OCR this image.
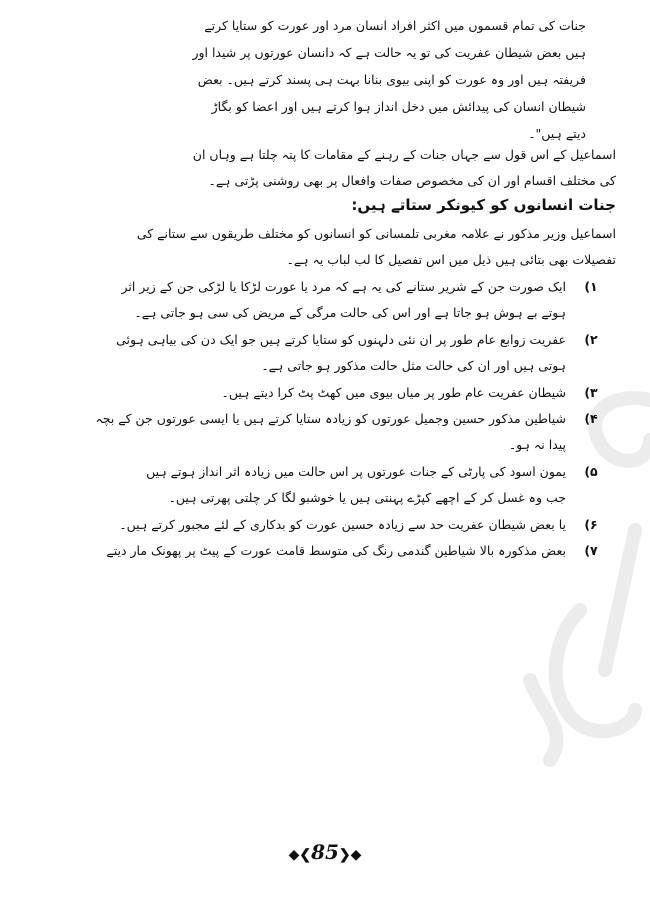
جنات کی تمام قسموں میں اکثر افراد انسان مرد اور عورت کو ستایا کرتے
ہیں بعض شیطان عفریت کی تو یہ حالت ہے کہ دانسان عورتوں پر شیدا اور
فریفتہ ہیں اور وہ عورت کو اپنی بیوی بنانا بہت ہی پسند کرتے ہیں۔ بعض
شیطان انسان کی پیدائش میں دخل انداز ہوا کرتے ہیں اور اعضا کو بگاڑ
دیتے ہیں"۔
اسماعیل کے اس قول سے جہاں جنات کے رہنے کے مقامات کا پتہ چلتا ہے وہاں ان
کی مختلف اقسام اور ان کی مخصوص صفات وافعال پر بھی روشنی پڑتی ہے۔
جنات انسانوں کو کیونکر ستاتے ہیں:
اسماعیل وزیر مذکور نے علامہ مغربی تلمسانی کو انسانوں کو مختلف طریقوں سے ستانے کی
تفصیلات بھی بتائی ہیں ذیل میں اس تفصیل کا لب لباب یہ ہے۔
۱)
ایک صورت جن کے شریر ستانے کی یہ ہے کہ مرد یا عورت لڑکا یا لڑکی جن کے زیر اثر
ہوتے بے ہوش ہو جاتا ہے اور اس کی حالت مرگی کے مریض کی سی ہو جاتی ہے۔
۲)
عفریت زوابع عام طور پر ان نئی دلہنوں کو ستایا کرتے ہیں جو ایک دن کی بیاہی ہوئی
ہوتی ہیں اور ان کی حالت مثل حالت مذکور ہو جاتی ہے۔
۳)
شیطان عفریت عام طور پر میاں بیوی میں کھٹ پٹ کرا دیتے ہیں۔
۴)
شیاطین مذکور حسین وجمیل عورتوں کو زیادہ ستایا کرتے ہیں یا ایسی عورتوں جن کے بچہ
پیدا نہ ہو۔
۵)
یمون اسود کی پارٹی کے جنات عورتوں پر اس حالت میں زیادہ اثر انداز ہوتے ہیں
جب وہ غسل کر کے اچھے کپڑے پہنتی ہیں یا خوشبو لگا کر چلتی پھرتی ہیں۔
۶)
یا بعض شیطان عفریت حد سے زیادہ حسین عورت کو بدکاری کے لئے مجبور کرتے ہیں۔
۷)
بعض مذکورہ بالا شیاطین گندمی رنگ کی متوسط قامت عورت کے پیٹ پر پھونک مار دیتے
◆❮85❯◆
